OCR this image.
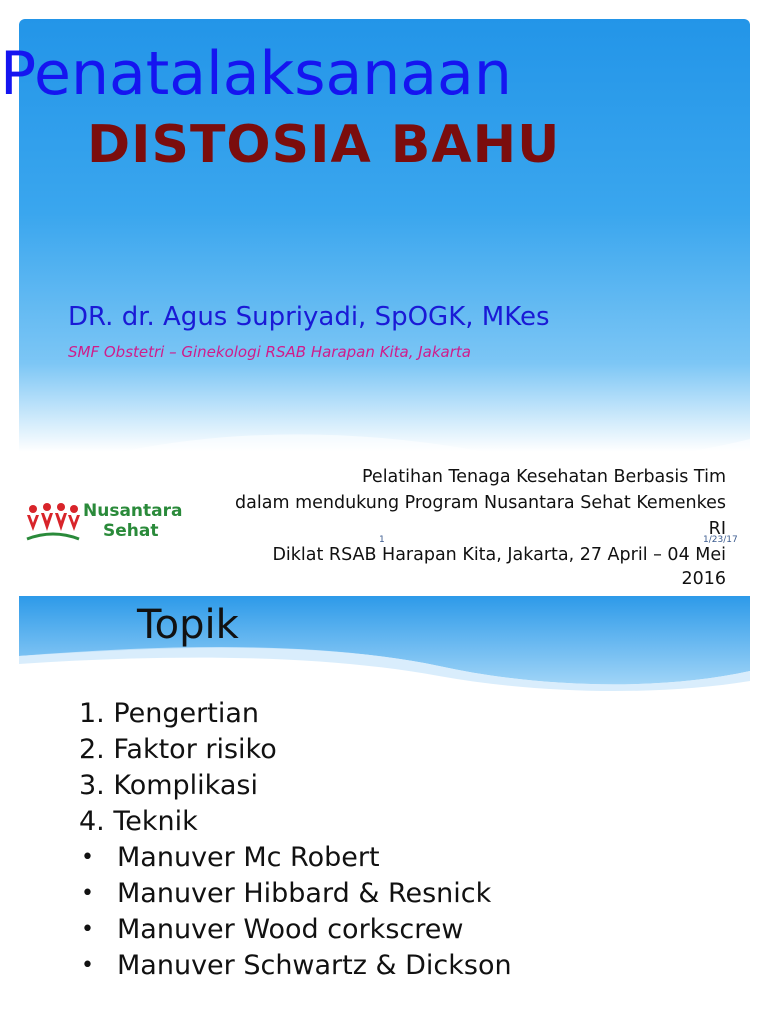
DISTOSIA BAHU
DR. dr. Agus Supriyadi, SpOGK, MKes
SMF Obstetri – Ginekologi RSAB Harapan Kita, Jakarta
Pelatihan Tenaga Kesehatan Berbasis Tim
dalam mendukung Program Nusantara Sehat Kemenkes
RI
Diklat RSAB Harapan Kita, Jakarta, 27 April – 04 Mei
2016
1	1/23/17
Nusantara
Sehat
Penatalaksanaan
Topik
1. Pengertian
2. Faktor risiko
3. Komplikasi
4. Teknik
• Manuver Mc Robert
• Manuver Hibbard & Resnick
• Manuver Wood corkscrew
• Manuver Schwartz & Dickson
